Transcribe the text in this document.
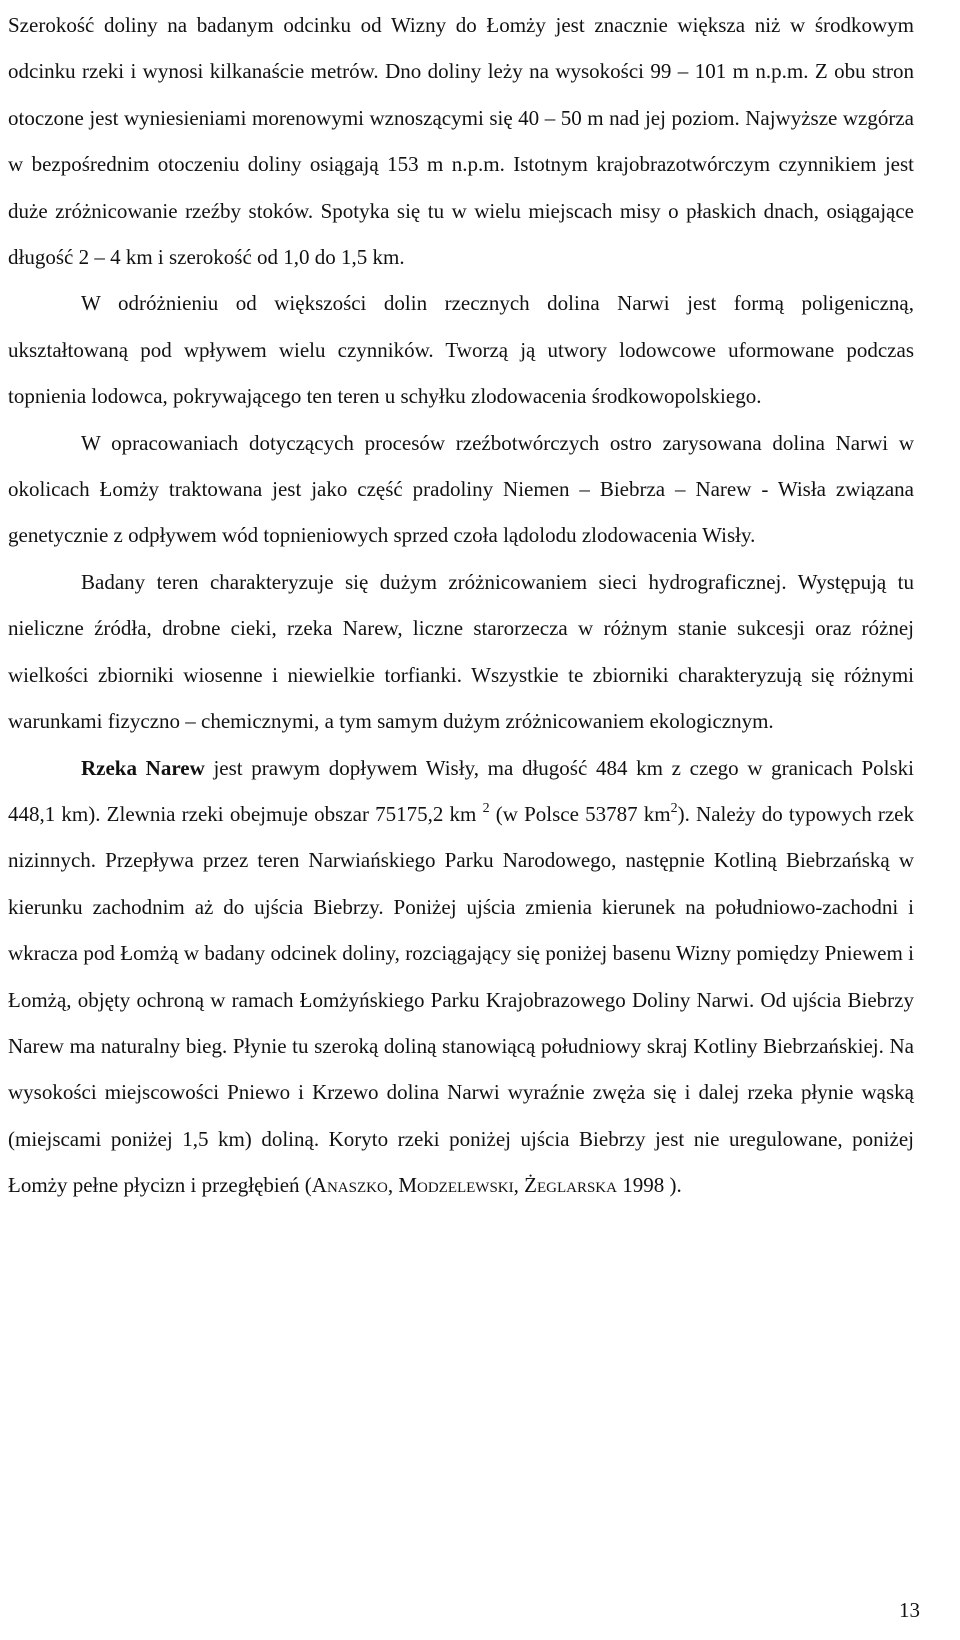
Szerokość doliny na badanym odcinku od Wizny do Łomży jest znacznie większa niż w środkowym odcinku rzeki i wynosi kilkanaście metrów. Dno doliny leży na wysokości 99 – 101 m n.p.m. Z obu stron otoczone jest wyniesieniami morenowymi wznoszącymi się 40 – 50 m nad jej poziom. Najwyższe wzgórza w bezpośrednim otoczeniu doliny osiągają 153 m n.p.m. Istotnym krajobrazotwórczym czynnikiem jest duże zróżnicowanie rzeźby stoków. Spotyka się tu w wielu miejscach misy o płaskich dnach, osiągające długość 2 – 4 km i szerokość od 1,0 do 1,5 km.

W odróżnieniu od większości dolin rzecznych dolina Narwi jest formą poligeniczną, ukształtowaną pod wpływem wielu czynników. Tworzą ją utwory lodowcowe uformowane podczas topnienia lodowca, pokrywającego ten teren u schyłku zlodowacenia środkowopolskiego.

W opracowaniach dotyczących procesów rzeźbotwórczych ostro zarysowana dolina Narwi w okolicach Łomży traktowana jest jako część pradoliny Niemen – Biebrza – Narew - Wisła związana genetycznie z odpływem wód topnieniowych sprzed czoła lądolodu zlodowacenia Wisły.

Badany teren charakteryzuje się dużym zróżnicowaniem sieci hydrograficznej. Występują tu nieliczne źródła, drobne cieki, rzeka Narew, liczne starorzecza w różnym stanie sukcesji oraz różnej wielkości zbiorniki wiosenne i niewielkie torfianki. Wszystkie te zbiorniki charakteryzują się różnymi warunkami fizyczno – chemicznymi, a tym samym dużym zróżnicowaniem ekologicznym.

Rzeka Narew jest prawym dopływem Wisły, ma długość 484 km z czego w granicach Polski 448,1 km). Zlewnia rzeki obejmuje obszar 75175,2 km $^2$ (w Polsce 53787 $km^2$). Należy do typowych rzek nizinnych. Przepływa przez teren Narwiańskiego Parku Narodowego, następnie Kotliną Biebrzańską w kierunku zachodnim aż do ujścia Biebrzy. Poniżej ujścia zmienia kierunek na południowo-zachodni i wkracza pod Łomżą w badany odcinek doliny, rozciągający się poniżej basenu Wizny pomiędzy Pniewem i Łomżą, objęty ochroną w ramach Łomżyńskiego Parku Krajobrazowego Doliny Narwi. Od ujścia Biebrzy Narew ma naturalny bieg. Płynie tu szeroką doliną stanowiącą południowy skraj Kotliny Biebrzańskiej. Na wysokości miejscowości Pniewo i Krzewo dolina Narwi wyraźnie zwęża się i dalej rzeka płynie wąską (miejscami poniżej 1,5 km) doliną. Koryto rzeki poniżej ujścia Biebrzy jest nie uregulowane, poniżej Łomży pełne płycizn i przegłębień (Anaszko, Modzelewski, Żeglarska 1998 ).

13
